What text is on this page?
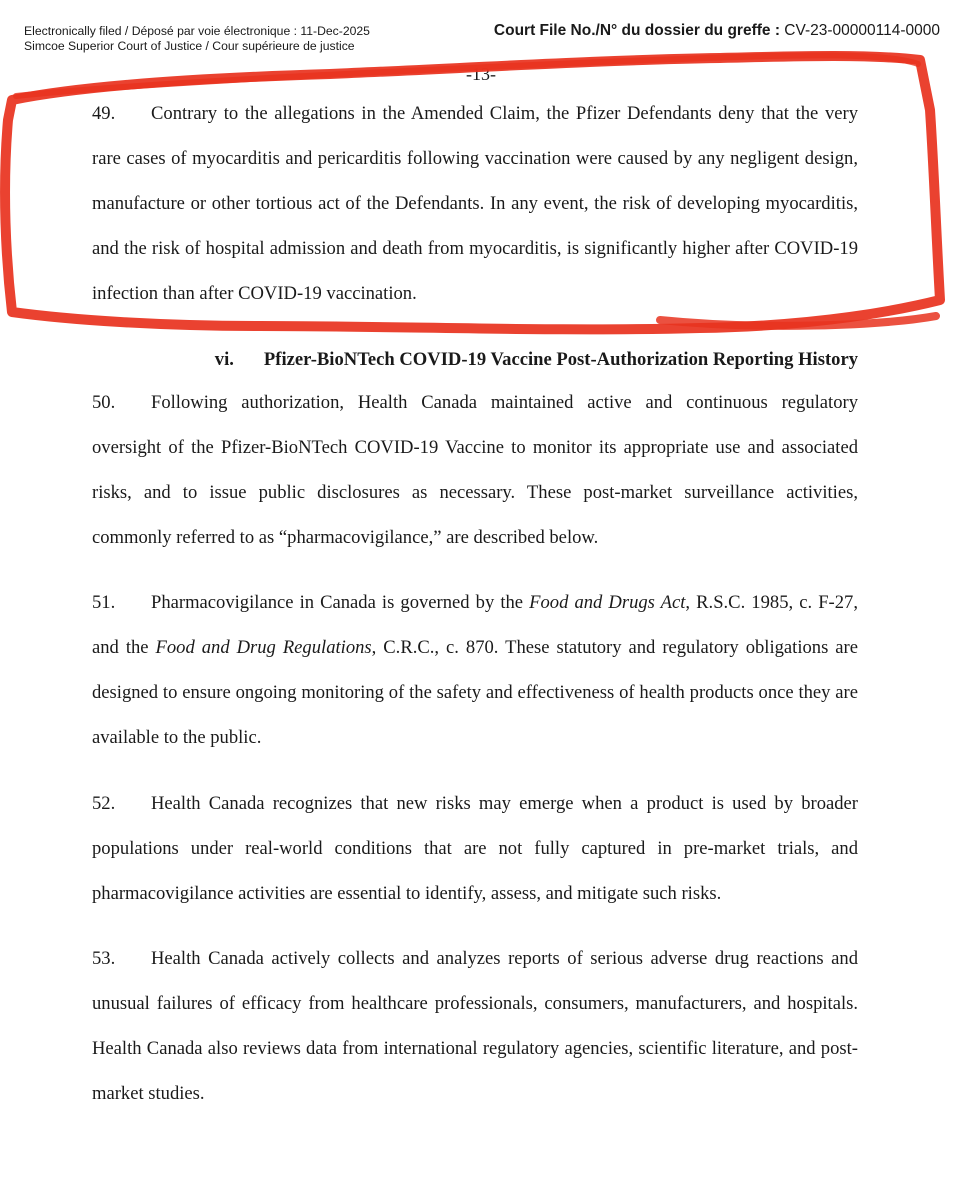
Electronically filed / Déposé par voie électronique : 11-Dec-2025
Simcoe Superior Court of Justice / Cour supérieure de justice
Court File No./N° du dossier du greffe : CV-23-00000114-0000
-13-

49. Contrary to the allegations in the Amended Claim, the Pfizer Defendants deny that the very rare cases of myocarditis and pericarditis following vaccination were caused by any negligent design, manufacture or other tortious act of the Defendants. In any event, the risk of developing myocarditis, and the risk of hospital admission and death from myocarditis, is significantly higher after COVID-19 infection than after COVID-19 vaccination.

vi. Pfizer-BioNTech COVID-19 Vaccine Post-Authorization Reporting History

50. Following authorization, Health Canada maintained active and continuous regulatory oversight of the Pfizer-BioNTech COVID-19 Vaccine to monitor its appropriate use and associated risks, and to issue public disclosures as necessary. These post-market surveillance activities, commonly referred to as “pharmacovigilance,” are described below.

51. Pharmacovigilance in Canada is governed by the Food and Drugs Act, R.S.C. 1985, c. F-27, and the Food and Drug Regulations, C.R.C., c. 870. These statutory and regulatory obligations are designed to ensure ongoing monitoring of the safety and effectiveness of health products once they are available to the public.

52. Health Canada recognizes that new risks may emerge when a product is used by broader populations under real-world conditions that are not fully captured in pre-market trials, and pharmacovigilance activities are essential to identify, assess, and mitigate such risks.

53. Health Canada actively collects and analyzes reports of serious adverse drug reactions and unusual failures of efficacy from healthcare professionals, consumers, manufacturers, and hospitals. Health Canada also reviews data from international regulatory agencies, scientific literature, and post-market studies.
